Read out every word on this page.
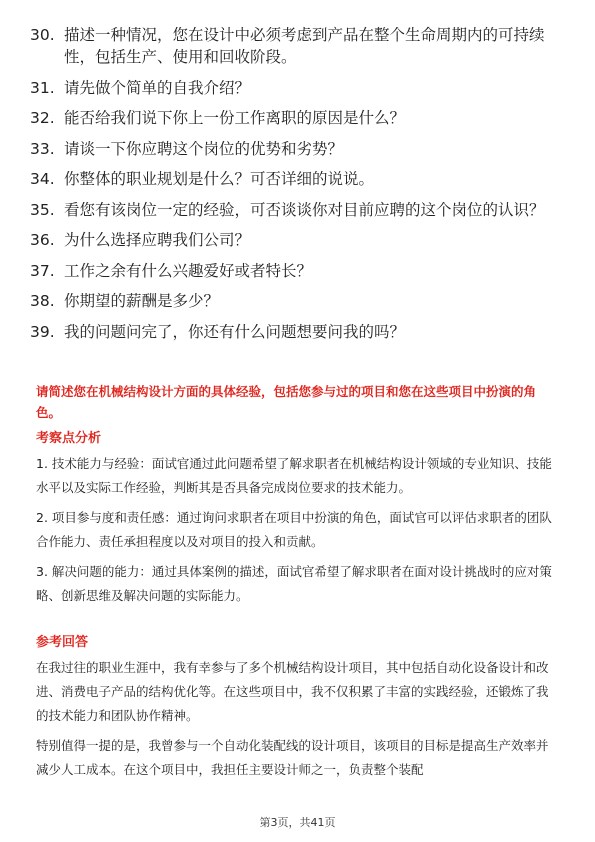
30. 描述一种情况，您在设计中必须考虑到产品在整个生命周期内的可持续性，包括生产、使用和回收阶段。
31. 请先做个简单的自我介绍？
32. 能否给我们说下你上一份工作离职的原因是什么？
33. 请谈一下你应聘这个岗位的优势和劣势？
34. 你整体的职业规划是什么？可否详细的说说。
35. 看您有该岗位一定的经验，可否谈谈你对目前应聘的这个岗位的认识？
36. 为什么选择应聘我们公司？
37. 工作之余有什么兴趣爱好或者特长？
38. 你期望的薪酬是多少？
39. 我的问题问完了，你还有什么问题想要问我的吗？
请简述您在机械结构设计方面的具体经验，包括您参与过的项目和您在这些项目中扮演的角色。
考察点分析

1. 技术能力与经验：面试官通过此问题希望了解求职者在机械结构设计领域的专业知识、技能水平以及实际工作经验，判断其是否具备完成岗位要求的技术能力。

2. 项目参与度和责任感：通过询问求职者在项目中扮演的角色，面试官可以评估求职者的团队合作能力、责任承担程度以及对项目的投入和贡献。

3. 解决问题的能力：通过具体案例的描述，面试官希望了解求职者在面对设计挑战时的应对策略、创新思维及解决问题的实际能力。

参考回答

在我过往的职业生涯中，我有幸参与了多个机械结构设计项目，其中包括自动化设备设计和改进、消费电子产品的结构优化等。在这些项目中，我不仅积累了丰富的实践经验，还锻炼了我的技术能力和团队协作精神。

特别值得一提的是，我曾参与一个自动化装配线的设计项目，该项目的目标是提高生产效率并减少人工成本。在这个项目中，我担任主要设计师之一，负责整个装配

第3页，共41页
